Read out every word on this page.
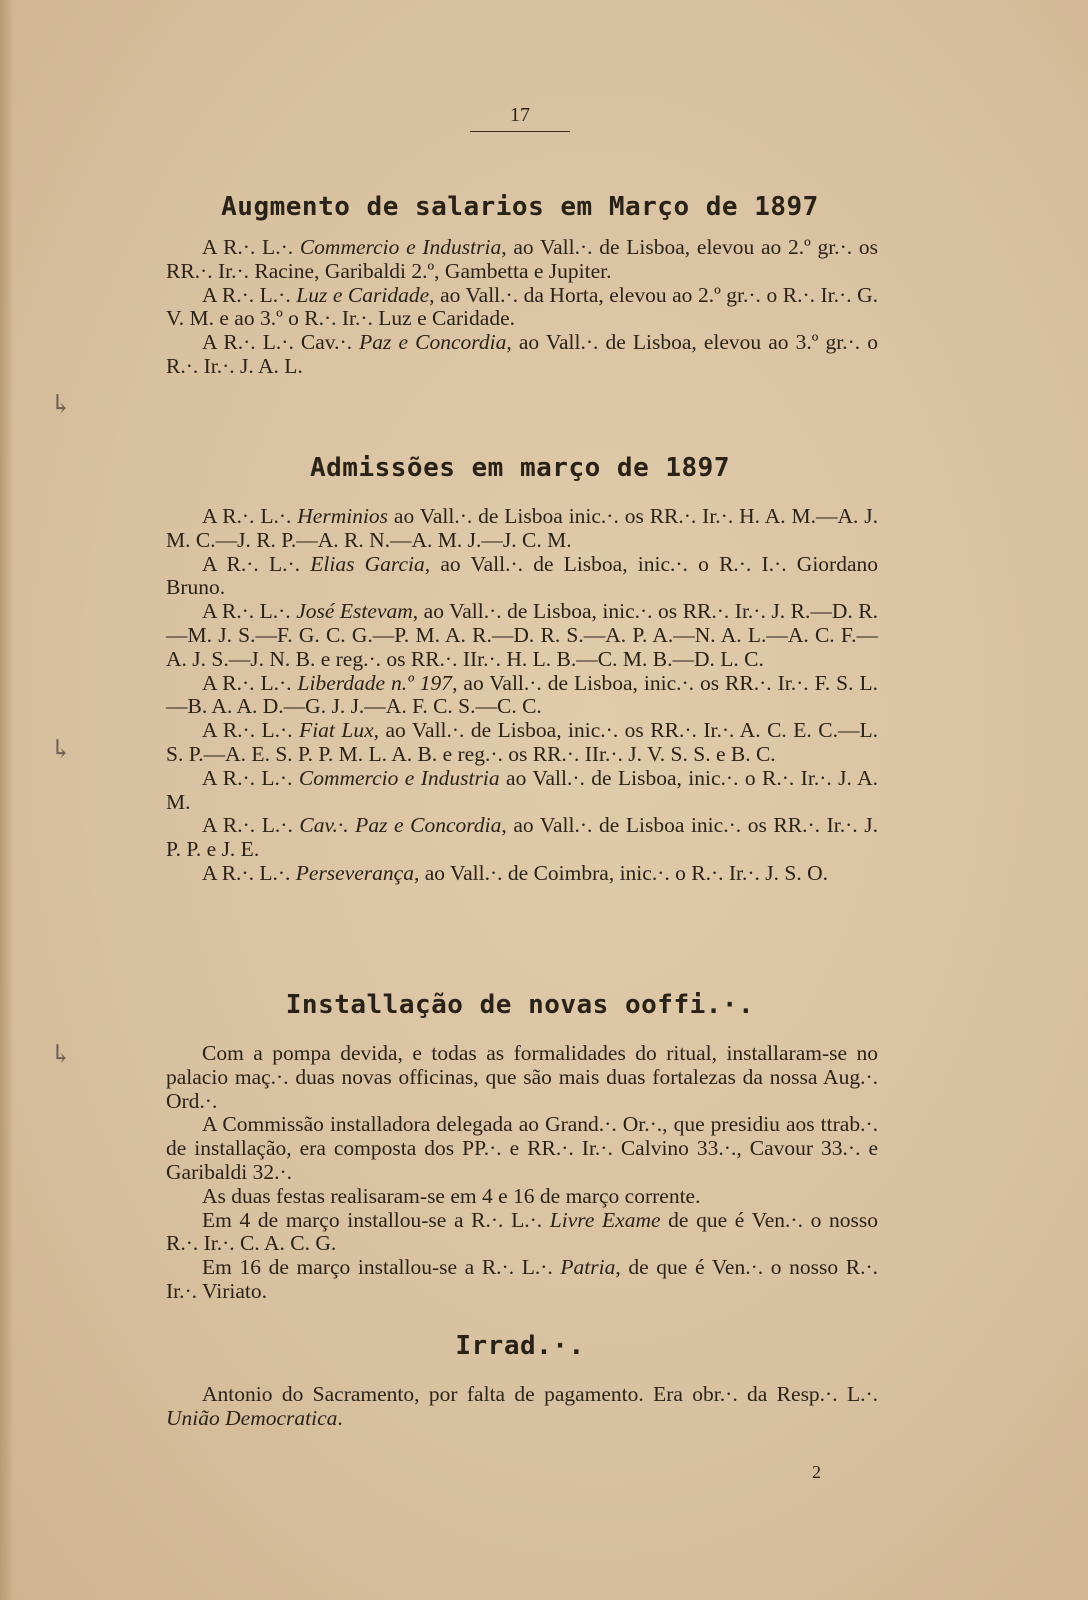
17
Augmento de salarios em Março de 1897

A R.·. L.·. Commercio e Industria, ao Vall.·. de Lisboa, elevou ao 2.º gr.·. os RR.·. Ir.·. Racine, Garibaldi 2.º, Gambetta e Jupiter.

A R.·. L.·. Luz e Caridade, ao Vall.·. da Horta, elevou ao 2.º gr.·. o R.·. Ir.·. G. V. M. e ao 3.º o R.·. Ir.·. Luz e Caridade.

A R.·. L.·. Cav.·. Paz e Concordia, ao Vall.·. de Lisboa, elevou ao 3.º gr.·. o R.·. Ir.·. J. A. L.

Admissões em março de 1897

A R.·. L.·. Herminios ao Vall.·. de Lisboa inic.·. os RR.·. Ir.·. H. A. M.—A. J. M. C.—J. R. P.—A. R. N.—A. M. J.—J. C. M.

A R.·. L.·. Elias Garcia, ao Vall.·. de Lisboa, inic.·. o R.·. I.·. Giordano Bruno.

A R.·. L.·. José Estevam, ao Vall.·. de Lisboa, inic.·. os RR.·. Ir.·. J. R.—D. R.—M. J. S.—F. G. C. G.—P. M. A. R.—D. R. S.—A. P. A.—N. A. L.—A. C. F.—A. J. S.—J. N. B. e reg.·. os RR.·. IIr.·. H. L. B.—C. M. B.—D. L. C.

A R.·. L.·. Liberdade n.º 197, ao Vall.·. de Lisboa, inic.·. os RR.·. Ir.·. F. S. L.—B. A. A. D.—G. J. J.—A. F. C. S.—C. C.

A R.·. L.·. Fiat Lux, ao Vall.·. de Lisboa, inic.·. os RR.·. Ir.·. A. C. E. C.—L. S. P.—A. E. S. P. P. M. L. A. B. e reg.·. os RR.·. IIr.·. J. V. S. S. e B. C.

A R.·. L.·. Commercio e Industria ao Vall.·. de Lisboa, inic.·. o R.·. Ir.·. J. A. M.

A R.·. L.·. Cav.·. Paz e Concordia, ao Vall.·. de Lisboa inic.·. os RR.·. Ir.·. J. P. P. e J. E.

A R.·. L.·. Perseverança, ao Vall.·. de Coimbra, inic.·. o R.·. Ir.·. J. S. O.

Installação de novas ooffi.·.

Com a pompa devida, e todas as formalidades do ritual, installaram-se no palacio maç.·. duas novas officinas, que são mais duas fortalezas da nossa Aug.·. Ord.·.

A Commissão installadora delegada ao Grand.·. Or.·., que presidiu aos ttrab.·. de installação, era composta dos PP.·. e RR.·. Ir.·. Calvino 33.·., Cavour 33.·. e Garibaldi 32.·.

As duas festas realisaram-se em 4 e 16 de março corrente.

Em 4 de março installou-se a R.·. L.·. Livre Exame de que é Ven.·. o nosso R.·. Ir.·. C. A. C. G.

Em 16 de março installou-se a R.·. L.·. Patria, de que é Ven.·. o nosso R.·. Ir.·. Viriato.

Irrad.·.

Antonio do Sacramento, por falta de pagamento. Era obr.·. da Resp.·. L.·. União Democratica.

2
↳
↳
↳
